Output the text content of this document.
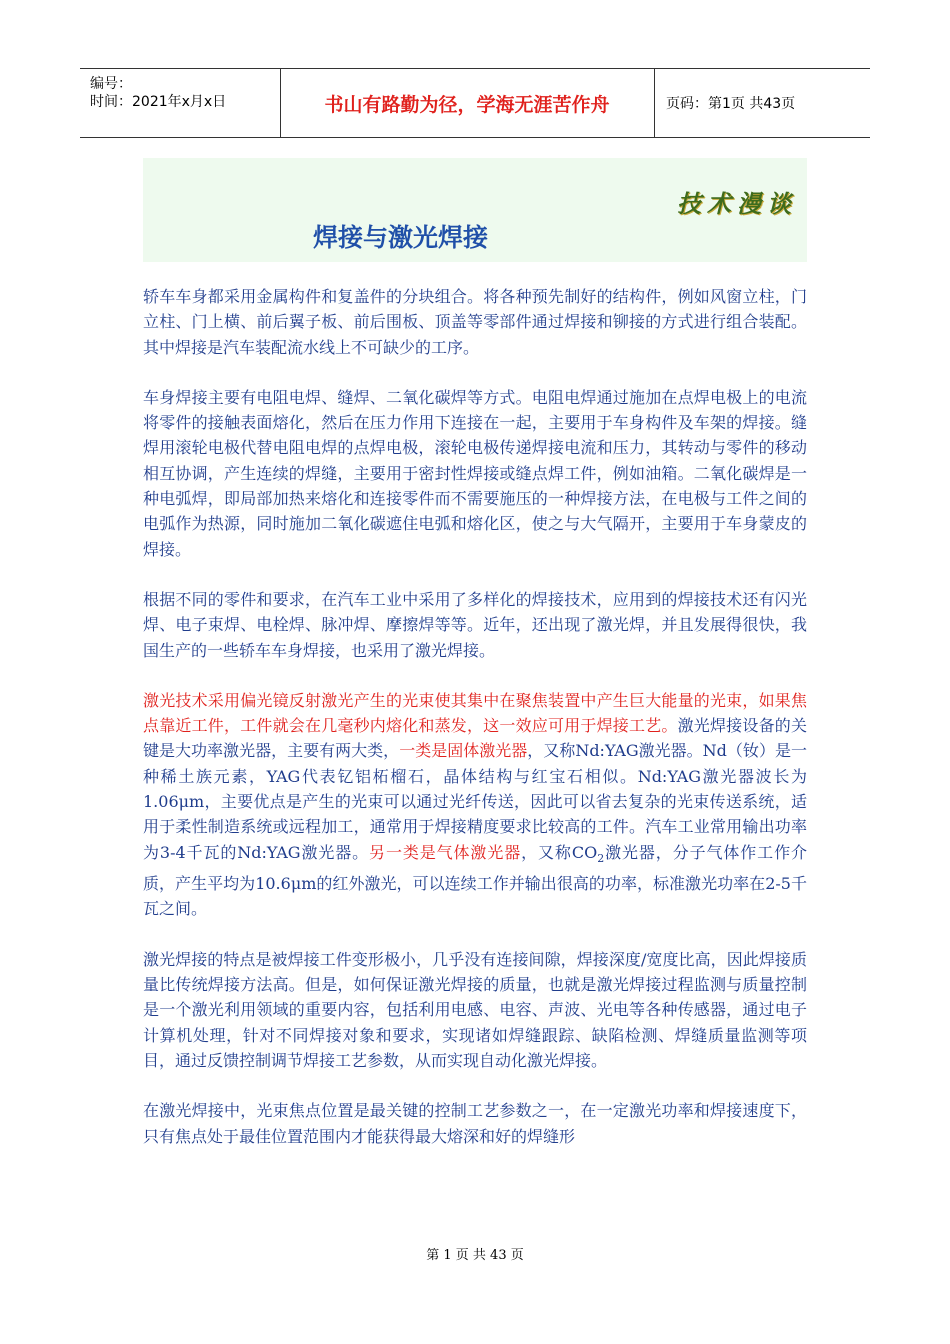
编号：
时间：2021年x月x日	书山有路勤为径，学海无涯苦作舟	页码：第1页 共43页
技术漫谈
焊接与激光焊接

轿车车身都采用金属构件和复盖件的分块组合。将各种预先制好的结构件，例如风窗立柱，门立柱、门上横、前后翼子板、前后围板、顶盖等零部件通过焊接和铆接的方式进行组合装配。其中焊接是汽车装配流水线上不可缺少的工序。

车身焊接主要有电阻电焊、缝焊、二氧化碳焊等方式。电阻电焊通过施加在点焊电极上的电流将零件的接触表面熔化，然后在压力作用下连接在一起，主要用于车身构件及车架的焊接。缝焊用滚轮电极代替电阻电焊的点焊电极，滚轮电极传递焊接电流和压力，其转动与零件的移动相互协调，产生连续的焊缝，主要用于密封性焊接或缝点焊工件，例如油箱。二氧化碳焊是一种电弧焊，即局部加热来熔化和连接零件而不需要施压的一种焊接方法，在电极与工件之间的电弧作为热源，同时施加二氧化碳遮住电弧和熔化区，使之与大气隔开，主要用于车身蒙皮的焊接。

根据不同的零件和要求，在汽车工业中采用了多样化的焊接技术，应用到的焊接技术还有闪光焊、电子束焊、电栓焊、脉冲焊、摩擦焊等等。近年，还出现了激光焊，并且发展得很快，我国生产的一些轿车车身焊接，也采用了激光焊接。

激光技术采用偏光镜反射激光产生的光束使其集中在聚焦装置中产生巨大能量的光束，如果焦点靠近工件，工件就会在几毫秒内熔化和蒸发，这一效应可用于焊接工艺。激光焊接设备的关键是大功率激光器，主要有两大类，一类是固体激光器，又称Nd:YAG激光器。Nd（钕）是一种稀土族元素，YAG代表钇铝柘榴石，晶体结构与红宝石相似。Nd:YAG激光器波长为1.06μm，主要优点是产生的光束可以通过光纤传送，因此可以省去复杂的光束传送系统，适用于柔性制造系统或远程加工，通常用于焊接精度要求比较高的工件。汽车工业常用输出功率为3-4千瓦的Nd:YAG激光器。另一类是气体激光器，又称$CO_2$激光器，分子气体作工作介质，产生平均为10.6μm的红外激光，可以连续工作并输出很高的功率，标准激光功率在2-5千瓦之间。

激光焊接的特点是被焊接工件变形极小，几乎没有连接间隙，焊接深度/宽度比高，因此焊接质量比传统焊接方法高。但是，如何保证激光焊接的质量，也就是激光焊接过程监测与质量控制是一个激光利用领域的重要内容，包括利用电感、电容、声波、光电等各种传感器，通过电子计算机处理，针对不同焊接对象和要求，实现诸如焊缝跟踪、缺陷检测、焊缝质量监测等项目，通过反馈控制调节焊接工艺参数，从而实现自动化激光焊接。

在激光焊接中，光束焦点位置是最关键的控制工艺参数之一，在一定激光功率和焊接速度下，只有焦点处于最佳位置范围内才能获得最大熔深和好的焊缝形

第 1 页 共 43 页
